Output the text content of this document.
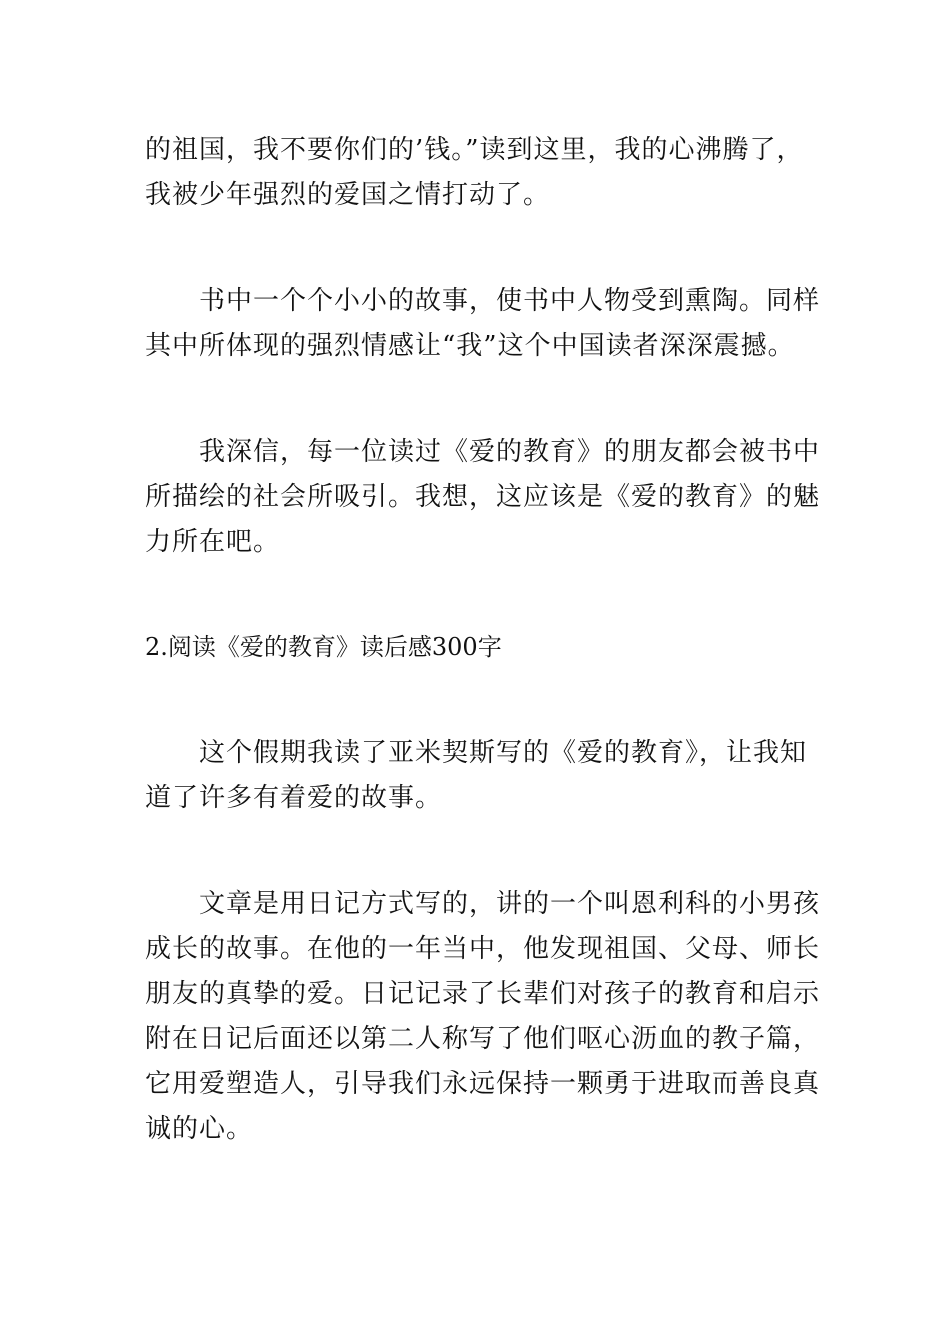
的祖国，我不要你们的’钱。”读到这里，我的心沸腾了，
我被少年强烈的爱国之情打动了。
书中一个个小小的故事，使书中人物受到熏陶。同样
其中所体现的强烈情感让“我”这个中国读者深深震撼。
我深信，每一位读过《爱的教育》的朋友都会被书中
所描绘的社会所吸引。我想，这应该是《爱的教育》的魅
力所在吧。
2.阅读《爱的教育》读后感300字
这个假期我读了亚米契斯写的《爱的教育》，让我知
道了许多有着爱的故事。
文章是用日记方式写的，讲的一个叫恩利科的小男孩
成长的故事。在他的一年当中，他发现祖国、父母、师长
朋友的真挚的爱。日记记录了长辈们对孩子的教育和启示
附在日记后面还以第二人称写了他们呕心沥血的教子篇，
它用爱塑造人，引导我们永远保持一颗勇于进取而善良真
诚的心。
